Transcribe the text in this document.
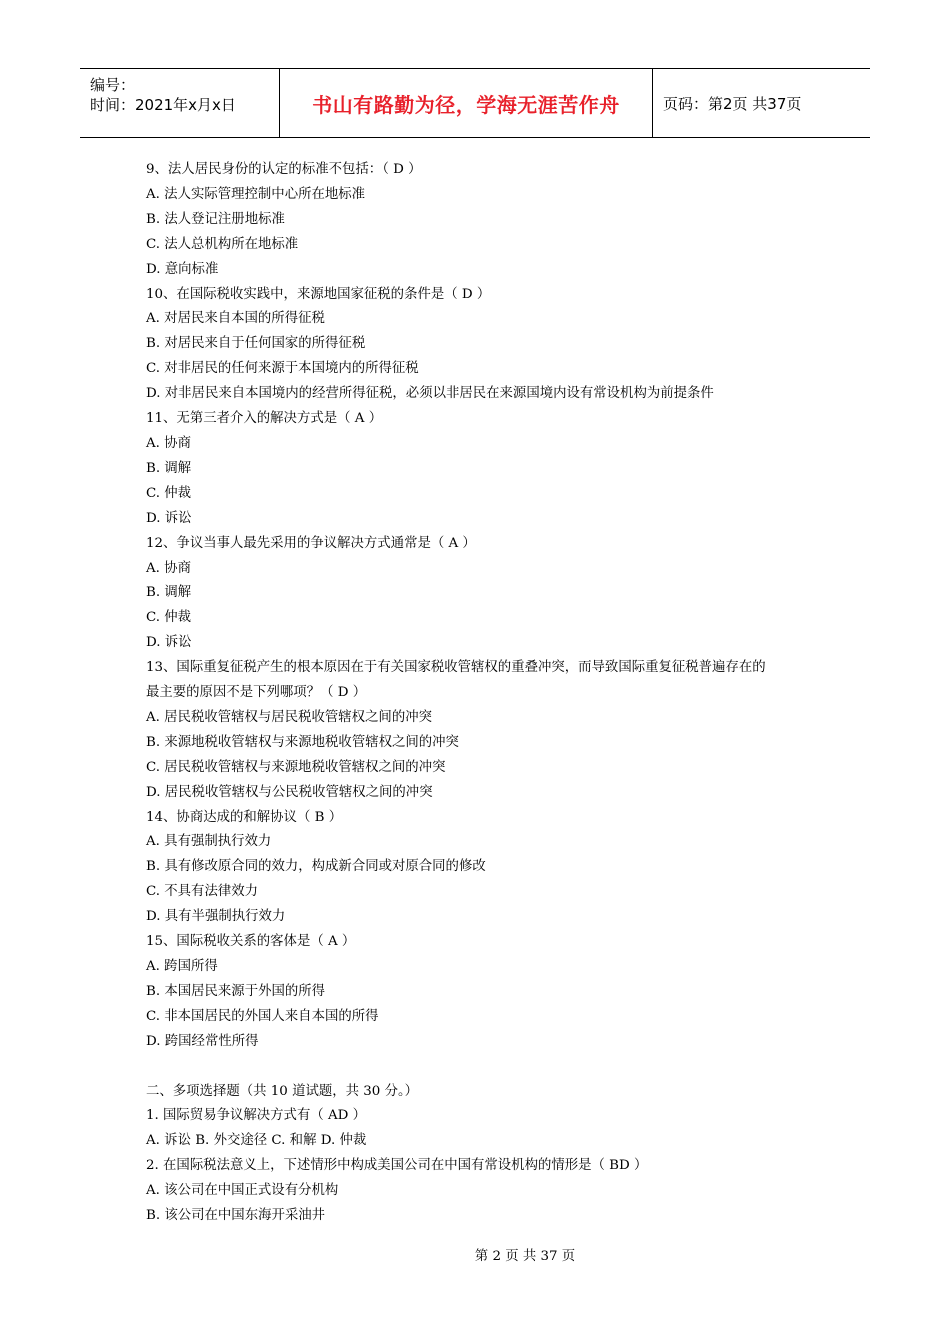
编号：
时间：2021年x月x日	书山有路勤为径，学海无涯苦作舟	页码：第2页 共37页
9、法人居民身份的认定的标准不包括：（ D ）
A. 法人实际管理控制中心所在地标准
B. 法人登记注册地标准
C. 法人总机构所在地标准
D. 意向标准
10、在国际税收实践中，来源地国家征税的条件是（ D ）
A. 对居民来自本国的所得征税
B. 对居民来自于任何国家的所得征税
C. 对非居民的任何来源于本国境内的所得征税
D. 对非居民来自本国境内的经营所得征税，必须以非居民在来源国境内设有常设机构为前提条件
11、无第三者介入的解决方式是（ A ）
A. 协商
B. 调解
C. 仲裁
D. 诉讼
12、争议当事人最先采用的争议解决方式通常是（ A ）
A. 协商
B. 调解
C. 仲裁
D. 诉讼
13、国际重复征税产生的根本原因在于有关国家税收管辖权的重叠冲突，而导致国际重复征税普遍存在的
最主要的原因不是下列哪项？（ D ）
A. 居民税收管辖权与居民税收管辖权之间的冲突
B. 来源地税收管辖权与来源地税收管辖权之间的冲突
C. 居民税收管辖权与来源地税收管辖权之间的冲突
D. 居民税收管辖权与公民税收管辖权之间的冲突
14、协商达成的和解协议（ B ）
A. 具有强制执行效力
B. 具有修改原合同的效力，构成新合同或对原合同的修改
C. 不具有法律效力
D. 具有半强制执行效力
15、国际税收关系的客体是（ A ）
A. 跨国所得
B. 本国居民来源于外国的所得
C. 非本国居民的外国人来自本国的所得
D. 跨国经常性所得
二、多项选择题（共 10 道试题，共 30 分。）
1. 国际贸易争议解决方式有（ AD ）
A. 诉讼 B. 外交途径 C. 和解 D. 仲裁
2. 在国际税法意义上，下述情形中构成美国公司在中国有常设机构的情形是（ BD ）
A. 该公司在中国正式设有分机构
B. 该公司在中国东海开采油井
第 2 页 共 37 页
